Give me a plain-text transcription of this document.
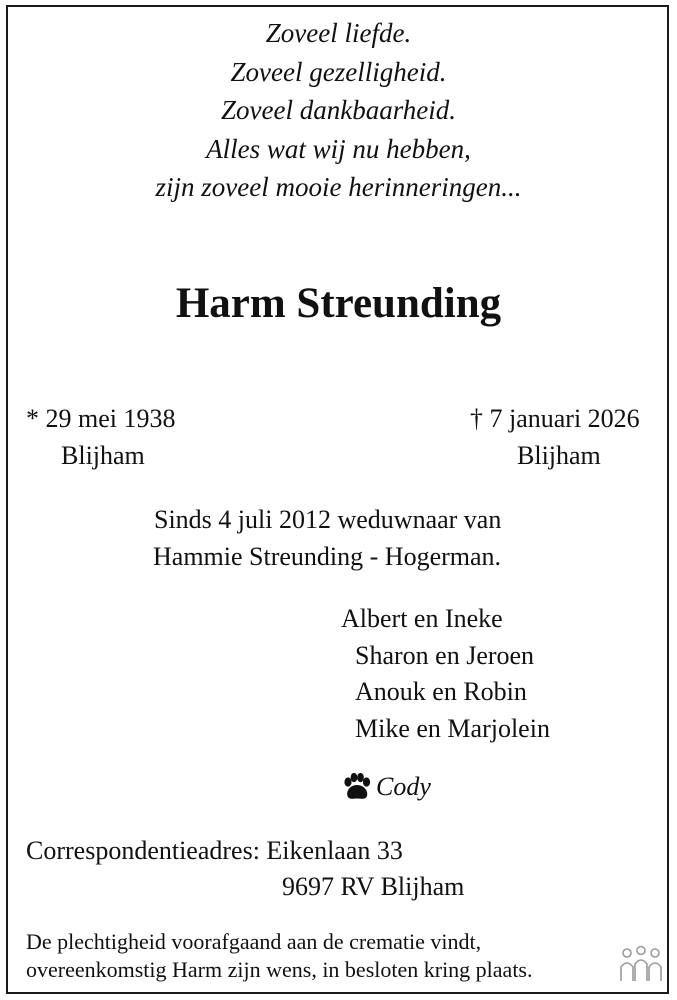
Zoveel liefde.
Zoveel gezelligheid.
Zoveel dankbaarheid.
Alles wat wij nu hebben,
zijn zoveel mooie herinneringen...
Harm Streunding
* 29 mei 1938
Blijham
† 7 januari 2026
Blijham
Sinds 4 juli 2012 weduwnaar van
Hammie Streunding - Hogerman.
Albert en Ineke
Sharon en Jeroen
Anouk en Robin
Mike en Marjolein
Cody
Correspondentieadres: Eikenlaan 33
9697 RV Blijham
De plechtigheid voorafgaand aan de crematie vindt,
overeenkomstig Harm zijn wens, in besloten kring plaats.
